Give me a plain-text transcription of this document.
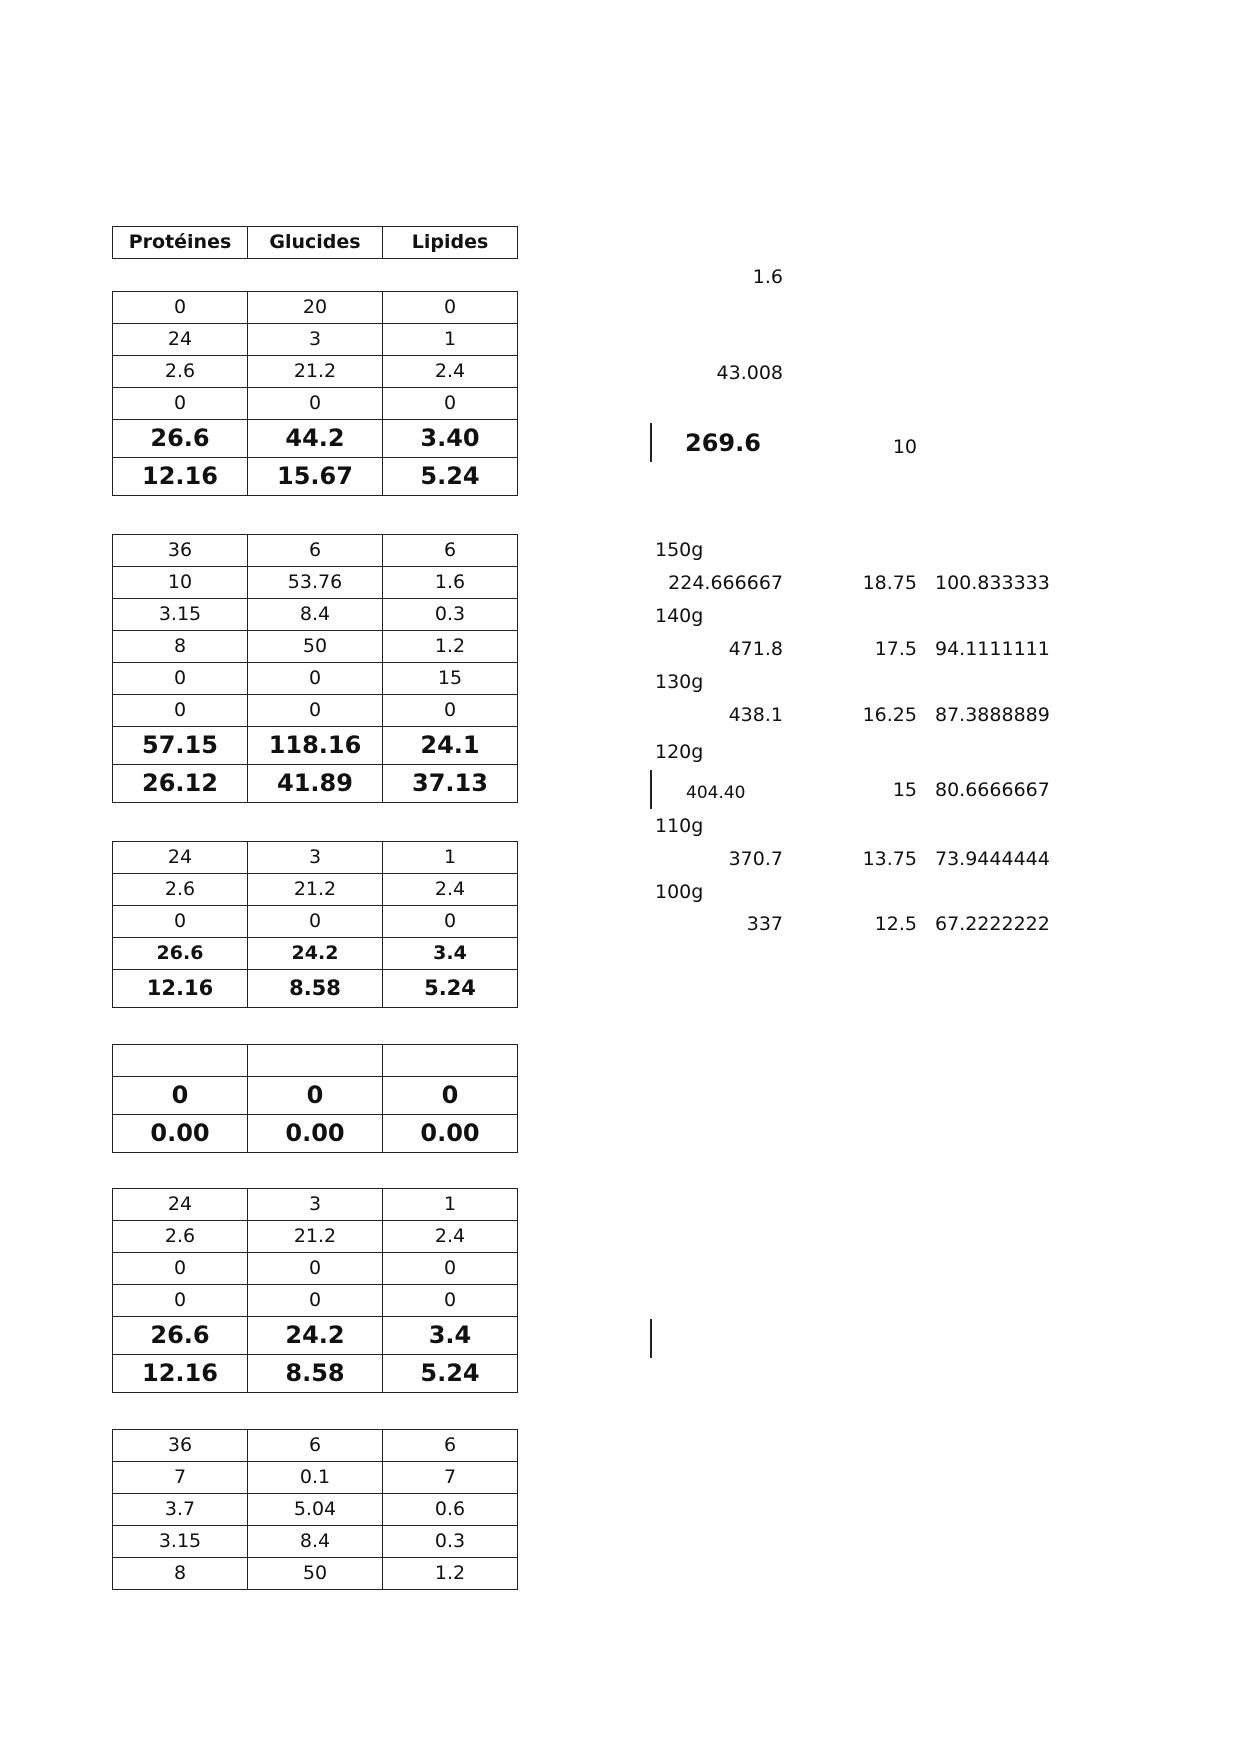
Protéines	Glucides	Lipides
0	20	0
24	3	1
2.6	21.2	2.4
0	0	0
26.6	44.2	3.40
12.16	15.67	5.24
36	6	6
10	53.76	1.6
3.15	8.4	0.3
8	50	1.2
0	0	15
0	0	0
57.15	118.16	24.1
26.12	41.89	37.13
24	3	1
2.6	21.2	2.4
0	0	0
26.6	24.2	3.4
12.16	8.58	5.24

0	0	0
0.00	0.00	0.00
24	3	1
2.6	21.2	2.4
0	0	0
0	0	0
26.6	24.2	3.4
12.16	8.58	5.24
36	6	6
7	0.1	7
3.7	5.04	0.6
3.15	8.4	0.3
8	50	1.2
1.6
43.008
269.6	10
150g
224.666667	18.75 100.833333
140g
471.8	17.5 94.1111111
130g
438.1	16.25 87.3888889
120g
404.40	15 80.6666667
110g
370.7	13.75 73.9444444
100g
337	12.5 67.2222222
